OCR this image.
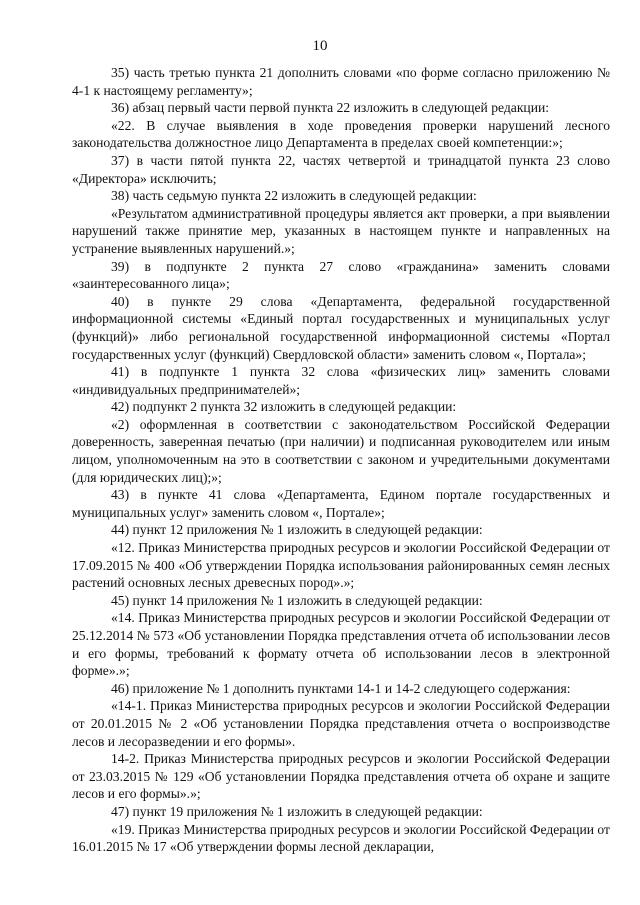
10

35) часть третью пункта 21 дополнить словами «по форме согласно приложению № 4-1 к настоящему регламенту»;

36) абзац первый части первой пункта 22 изложить в следующей редакции:

«22. В случае выявления в ходе проведения проверки нарушений лесного законодательства должностное лицо Департамента в пределах своей компетенции:»;

37) в части пятой пункта 22, частях четвертой и тринадцатой пункта 23 слово «Директора» исключить;

38) часть седьмую пункта 22 изложить в следующей редакции:

«Результатом административной процедуры является акт проверки, а при выявлении нарушений также принятие мер, указанных в настоящем пункте и направленных на устранение выявленных нарушений.»;

39) в подпункте 2 пункта 27 слово «гражданина» заменить словами «заинтересованного лица»;

40) в пункте 29 слова «Департамента, федеральной государственной информационной системы «Единый портал государственных и муниципальных услуг (функций)» либо региональной государственной информационной системы «Портал государственных услуг (функций) Свердловской области» заменить словом «, Портала»;

41) в подпункте 1 пункта 32 слова «физических лиц» заменить словами «индивидуальных предпринимателей»;

42) подпункт 2 пункта 32 изложить в следующей редакции:

«2) оформленная в соответствии с законодательством Российской Федерации доверенность, заверенная печатью (при наличии) и подписанная руководителем или иным лицом, уполномоченным на это в соответствии с законом и учредительными документами (для юридических лиц);»;

43) в пункте 41 слова «Департамента, Едином портале государственных и муниципальных услуг» заменить словом «, Портале»;

44) пункт 12 приложения № 1 изложить в следующей редакции:

«12. Приказ Министерства природных ресурсов и экологии Российской Федерации от 17.09.2015 № 400 «Об утверждении Порядка использования районированных семян лесных растений основных лесных древесных пород».»;

45) пункт 14 приложения № 1 изложить в следующей редакции:

«14. Приказ Министерства природных ресурсов и экологии Российской Федерации от 25.12.2014 № 573 «Об установлении Порядка представления отчета об использовании лесов и его формы, требований к формату отчета об использовании лесов в электронной форме».»;

46) приложение № 1 дополнить пунктами 14-1 и 14-2 следующего содержания:

«14-1. Приказ Министерства природных ресурсов и экологии Российской Федерации от 20.01.2015 № 2 «Об установлении Порядка представления отчета о воспроизводстве лесов и лесоразведении и его формы».

14-2. Приказ Министерства природных ресурсов и экологии Российской Федерации от 23.03.2015 № 129 «Об установлении Порядка представления отчета об охране и защите лесов и его формы».»;

47) пункт 19 приложения № 1 изложить в следующей редакции:

«19. Приказ Министерства природных ресурсов и экологии Российской Федерации от 16.01.2015 № 17 «Об утверждении формы лесной декларации,
